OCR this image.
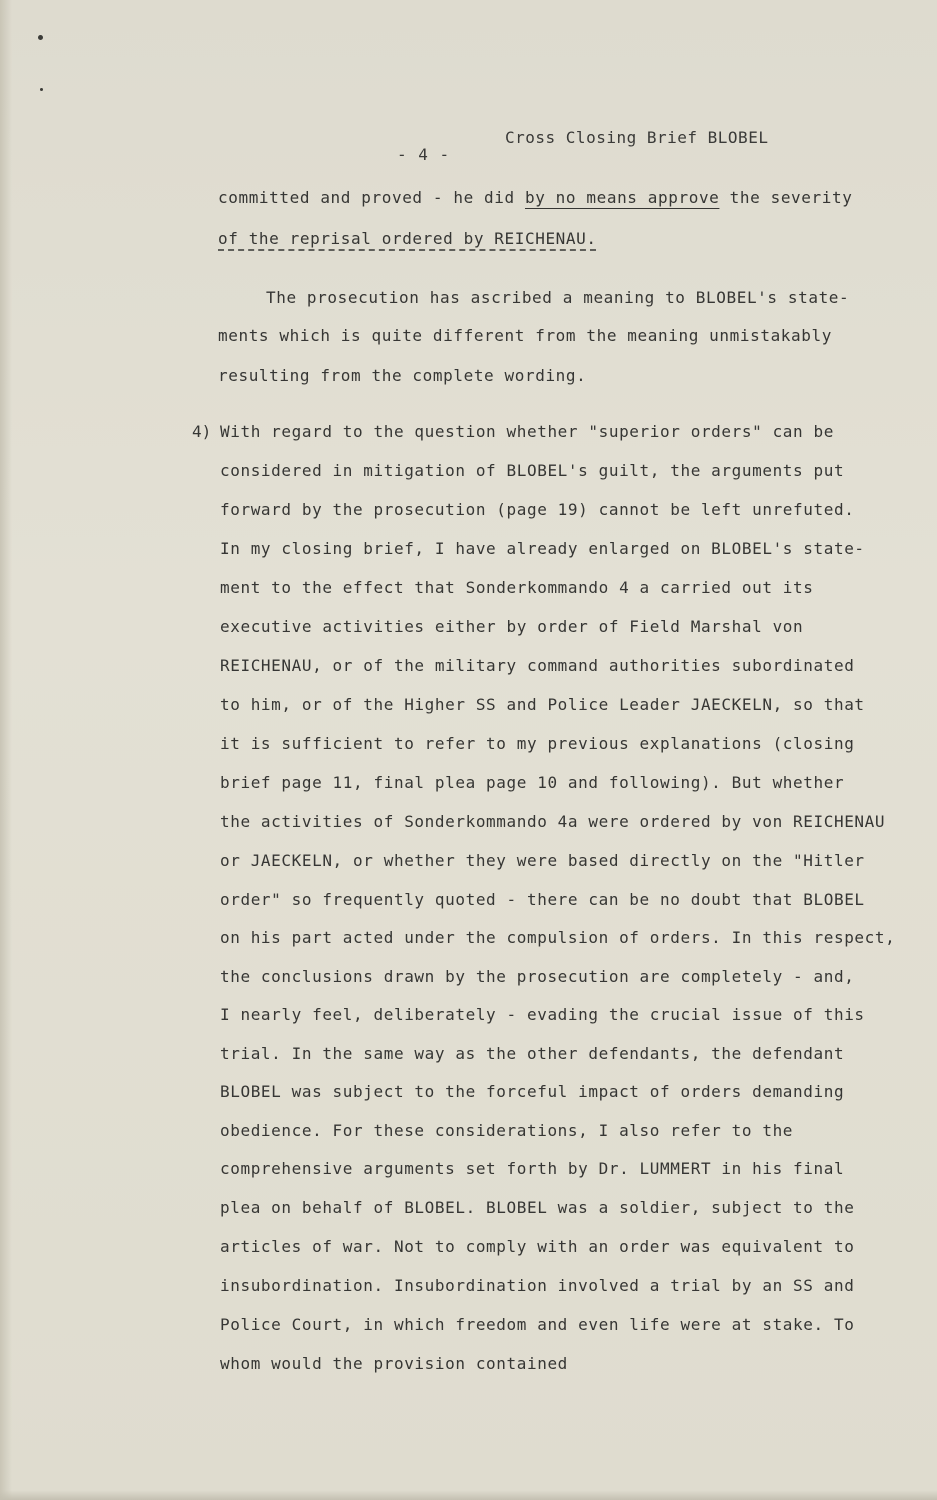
- 4 -
Cross Closing Brief BLOBEL
committed and proved - he did by no means approve the severity
of the reprisal ordered by REICHENAU.
The prosecution has ascribed a meaning to BLOBEL's state-
ments which is quite different from the meaning unmistakably
resulting from the complete wording.
4) With regard to the question whether "superior orders" can be
considered in mitigation of BLOBEL's guilt, the arguments put
forward by the prosecution (page 19) cannot be left unrefuted.
In my closing brief, I have already enlarged on BLOBEL's state-
ment to the effect that Sonderkommando 4 a carried out its
executive activities either by order of Field Marshal von
REICHENAU, or of the military command authorities subordinated
to him, or of the Higher SS and Police Leader JAECKELN, so that
it is sufficient to refer to my previous explanations (closing
brief page 11, final plea page 10 and following). But whether
the activities of Sonderkommando 4a were ordered by von REICHENAU
or JAECKELN, or whether they were based directly on the "Hitler
order" so frequently quoted - there can be no doubt that BLOBEL
on his part acted under the compulsion of orders. In this respect,
the conclusions drawn by the prosecution are completely - and,
I nearly feel, deliberately - evading the crucial issue of this
trial. In the same way as the other defendants, the defendant
BLOBEL was subject to the forceful impact of orders demanding
obedience. For these considerations, I also refer to the
comprehensive arguments set forth by Dr. LUMMERT in his final
plea on behalf of BLOBEL. BLOBEL was a soldier, subject to the
articles of war. Not to comply with an order was equivalent to
insubordination. Insubordination involved a trial by an SS and
Police Court, in which freedom and even life were at stake. To
whom would the provision contained
